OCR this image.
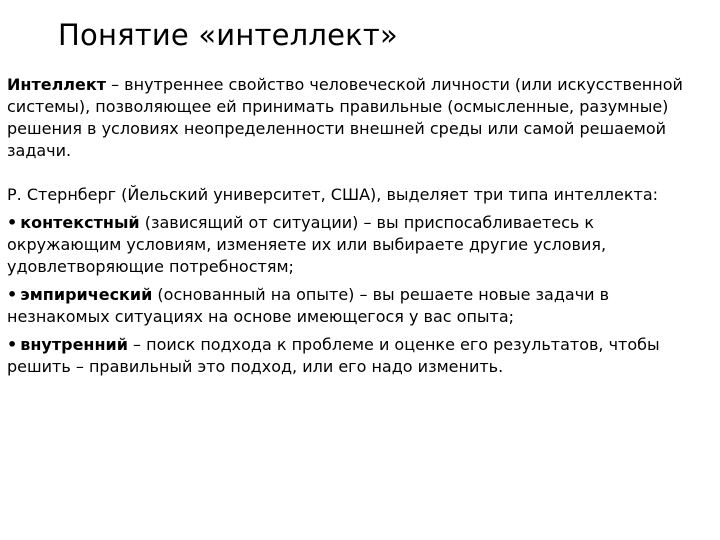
Понятие «интеллект»

Интеллект – внутреннее свойство человеческой личности (или искусственной системы), позволяющее ей принимать правильные (осмысленные, разумные) решения в условиях неопределенности внешней среды или самой решаемой задачи.

Р. Стернберг (Йельский университет, США), выделяет три типа интеллекта:

• контекстный (зависящий от ситуации) – вы приспосабливаетесь к окружающим условиям, изменяете их или выбираете другие условия, удовлетворяющие потребностям;

• эмпирический (основанный на опыте) – вы решаете новые задачи в незнакомых ситуациях на основе имеющегося у вас опыта;

• внутренний – поиск подхода к проблеме и оценке его результатов, чтобы решить – правильный это подход, или его надо изменить.
